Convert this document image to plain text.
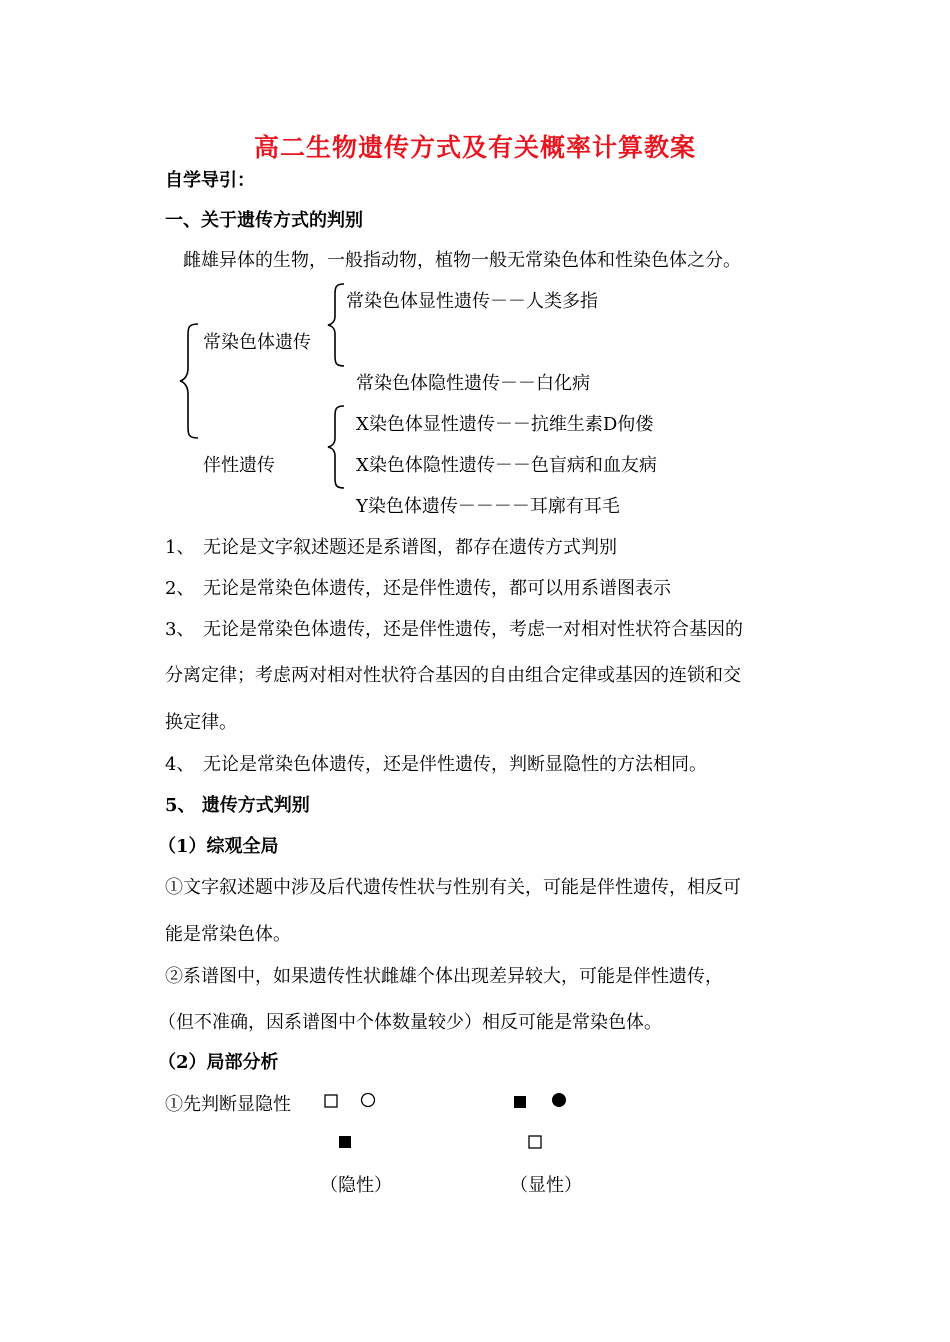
高二生物遗传方式及有关概率计算教案
自学导引：
一、关于遗传方式的判别
雌雄异体的生物，一般指动物，植物一般无常染色体和性染色体之分。
常染色体遗传
伴性遗传
常染色体显性遗传－－人类多指
常染色体隐性遗传－－白化病
X染色体显性遗传－－抗维生素D佝偻
X染色体隐性遗传－－色盲病和血友病
Y染色体遗传－－－－耳廓有耳毛
1、 无论是文字叙述题还是系谱图，都存在遗传方式判别
2、 无论是常染色体遗传，还是伴性遗传，都可以用系谱图表示
3、 无论是常染色体遗传，还是伴性遗传，考虑一对相对性状符合基因的
分离定律；考虑两对相对性状符合基因的自由组合定律或基因的连锁和交
换定律。
4、 无论是常染色体遗传，还是伴性遗传，判断显隐性的方法相同。
5、 遗传方式判别
（1）综观全局
①文字叙述题中涉及后代遗传性状与性别有关，可能是伴性遗传，相反可
能是常染色体。
②系谱图中，如果遗传性状雌雄个体出现差异较大，可能是伴性遗传，
（但不准确，因系谱图中个体数量较少）相反可能是常染色体。
（2）局部分析
①先判断显隐性
（隐性）	（显性）
